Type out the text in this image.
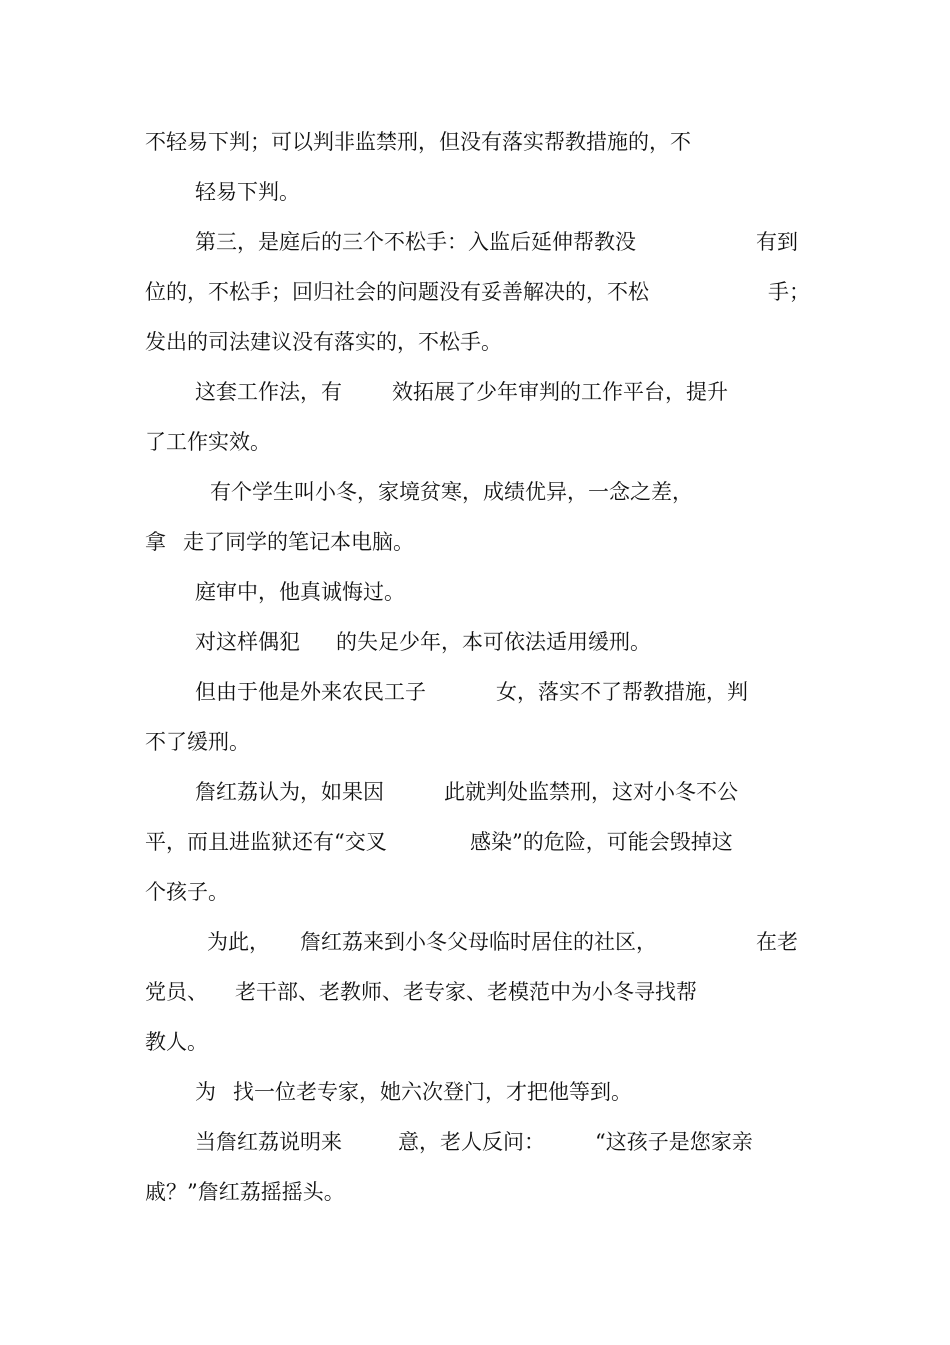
不轻易下判；可以判非监禁刑，但没有落实帮教措施的，不
轻易下判。
第三，是庭后的三个不松手：入监后延伸帮教没	有到
位的，不松手；回归社会的问题没有妥善解决的，不松	手；
发出的司法建议没有落实的，不松手。
这套工作法，有 效拓展了少年审判的工作平台，提升
了工作实效。
有个学生叫小冬，家境贫寒，成绩优异，一念之差，
拿 走了同学的笔记本电脑。
庭审中，他真诚悔过。
对这样偶犯 的失足少年，本可依法适用缓刑。
但由于他是外来农民工子	女，落实不了帮教措施，判
不了缓刑。
詹红荔认为，如果因	此就判处监禁刑，这对小冬不公
平，而且进监狱还有“交叉	感染”的危险，可能会毁掉这
个孩子。
为此， 詹红荔来到小冬父母临时居住的社区，	在老
党员、 老干部、老教师、老专家、老模范中为小冬寻找帮
教人。
为 找一位老专家，她六次登门，才把他等到。
当詹红荔说明来	意，老人反问： “这孩子是您家亲
戚？”詹红荔摇摇头。
